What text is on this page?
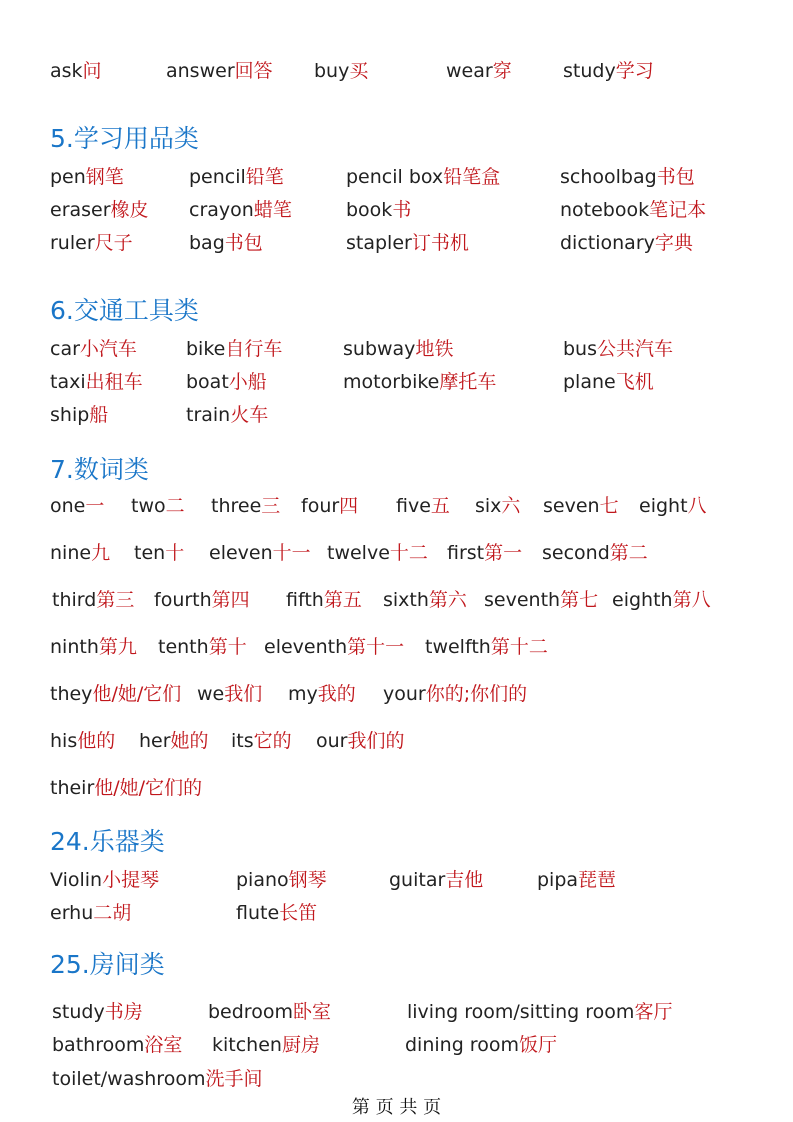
ask问	answer回答 buy买	wear穿	study学习
5.学习用品类
pen钢笔	pencil铅笔	pencil box铅笔盒	schoolbag书包
eraser橡皮 crayon蜡笔	book书	notebook笔记本
ruler尺子	bag书包	stapler订书机	dictionary字典
6.交通工具类
car小汽车	bike自行车	subway地铁	bus公共汽车
taxi出租车 boat小船	motorbike摩托车	plane飞机
ship船	train火车
7.数词类
one一 two二 three三 four四 five五 six六 seven七 eight八
nine九 ten十 eleven十一 twelve十二 first第一 second第二
third第三 fourth第四 fifth第五 sixth第六 seventh第七 eighth第八
ninth第九 tenth第十 eleventh第十一 twelfth第十二
they他/她/它们 we我们 my我的 your你的;你们的
his他的 her她的 its它的 our我们的
their他/她/它们的
24.乐器类
Violin小提琴	piano钢琴	guitar吉他	pipa琵琶
erhu二胡	flute长笛
25.房间类
study书房	bedroom卧室	living room/sitting room客厅
bathroom浴室 kitchen厨房	dining room饭厅
toilet/washroom洗手间
第 页 共 页
